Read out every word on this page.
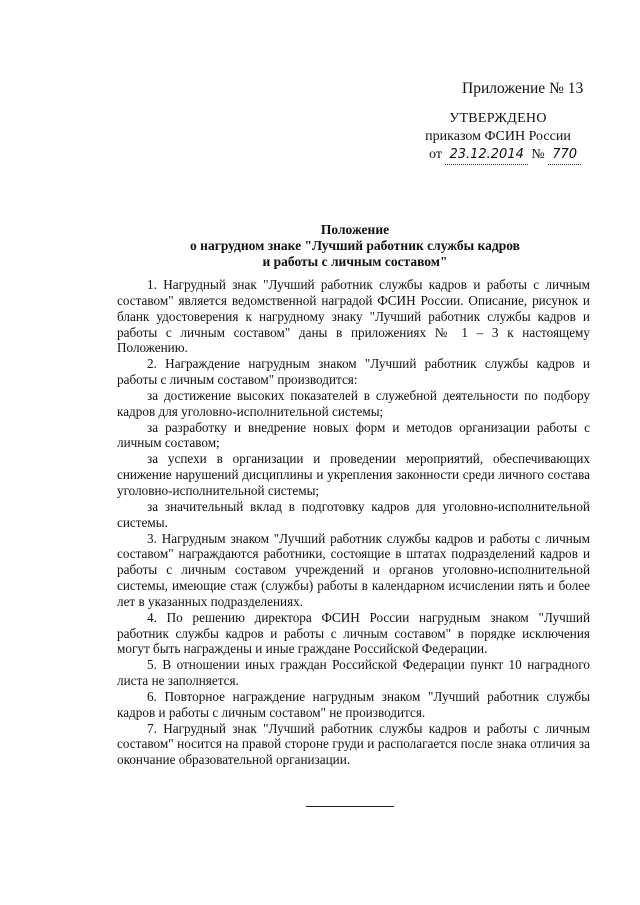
Приложение № 13
УТВЕРЖДЕНО
приказом ФСИН России
от 23.12.2014 № 770
Положение
о нагрудном знаке "Лучший работник службы кадров
и работы с личным составом"

1. Нагрудный знак "Лучший работник службы кадров и работы с личным составом" является ведомственной наградой ФСИН России. Описание, рисунок и бланк удостоверения к нагрудному знаку "Лучший работник службы кадров и работы с личным составом" даны в приложениях № 1 – 3 к настоящему Положению.

2. Награждение нагрудным знаком "Лучший работник службы кадров и работы с личным составом" производится:

за достижение высоких показателей в служебной деятельности по подбору кадров для уголовно-исполнительной системы;

за разработку и внедрение новых форм и методов организации работы с личным составом;

за успехи в организации и проведении мероприятий, обеспечивающих снижение нарушений дисциплины и укрепления законности среди личного состава уголовно-исполнительной системы;

за значительный вклад в подготовку кадров для уголовно-исполнительной системы.

3. Нагрудным знаком "Лучший работник службы кадров и работы с личным составом" награждаются работники, состоящие в штатах подразделений кадров и работы с личным составом учреждений и органов уголовно-исполнительной системы, имеющие стаж (службы) работы в календарном исчислении пять и более лет в указанных подразделениях.

4. По решению директора ФСИН России нагрудным знаком "Лучший работник службы кадров и работы с личным составом" в порядке исключения могут быть награждены и иные граждане Российской Федерации.

5. В отношении иных граждан Российской Федерации пункт 10 наградного листа не заполняется.

6. Повторное награждение нагрудным знаком "Лучший работник службы кадров и работы с личным составом" не производится.

7. Нагрудный знак "Лучший работник службы кадров и работы с личным составом" носится на правой стороне груди и располагается после знака отличия за окончание образовательной организации.
